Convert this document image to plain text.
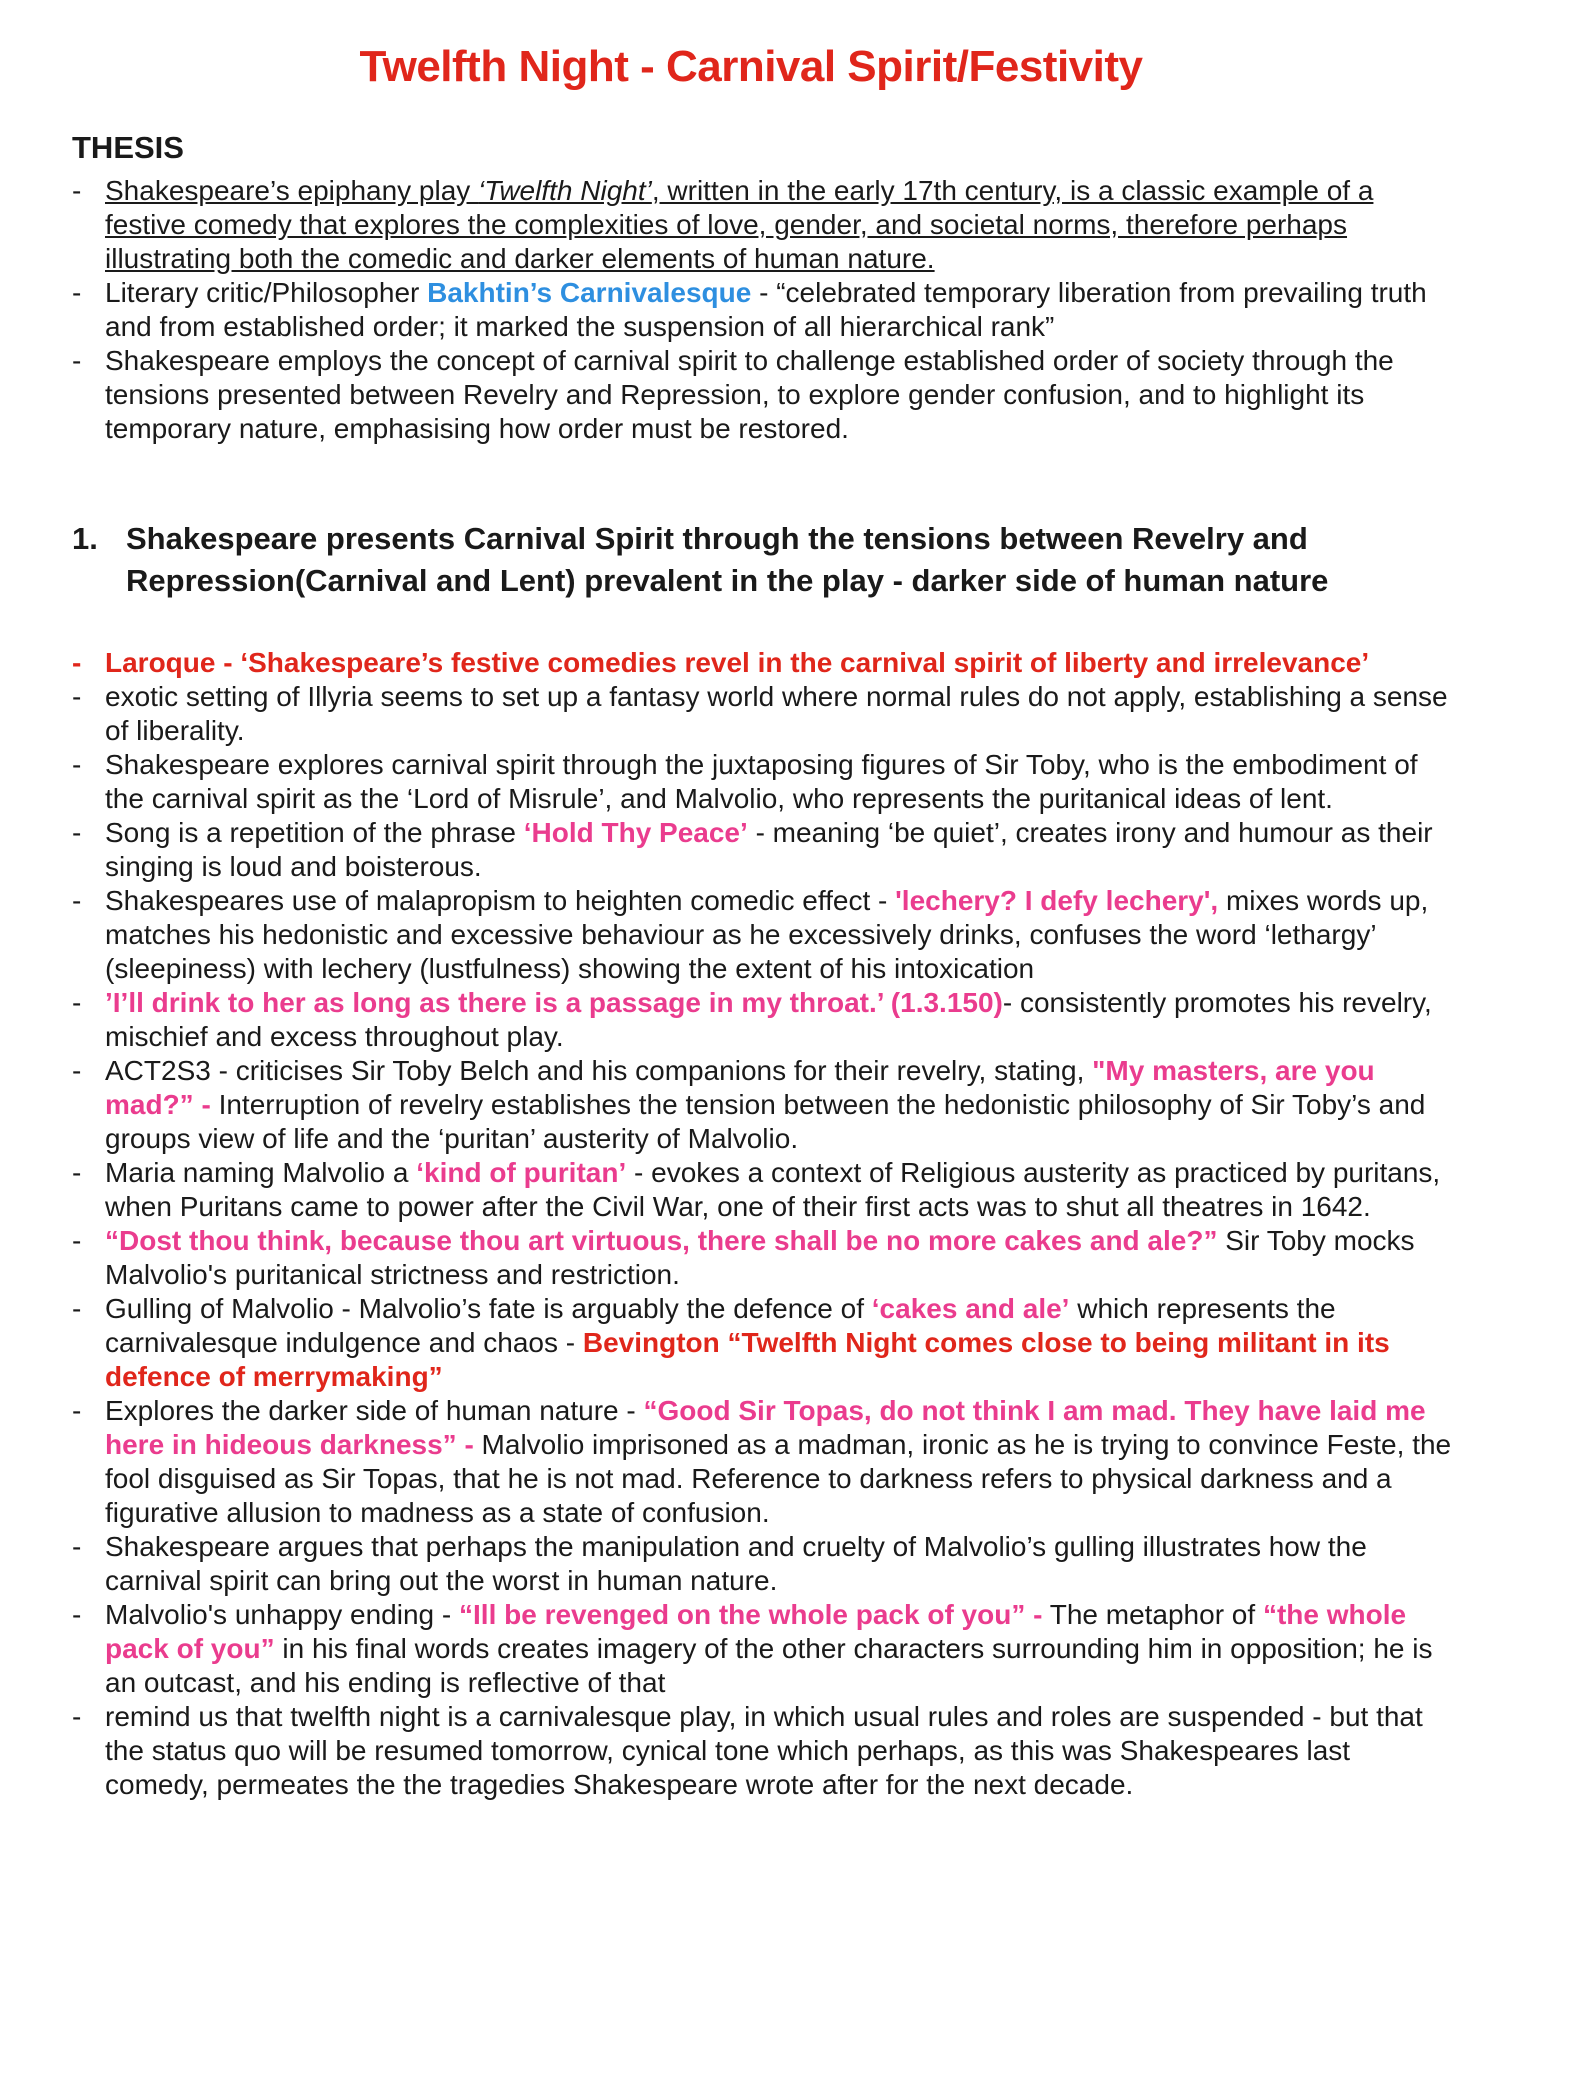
Twelfth Night - Carnival Spirit/Festivity
THESIS
- Shakespeare’s epiphany play ‘Twelfth Night’, written in the early 17th century, is a classic example of a festive comedy that explores the complexities of love, gender, and societal norms, therefore perhaps illustrating both the comedic and darker elements of human nature.
- Literary critic/Philosopher Bakhtin’s Carnivalesque - “celebrated temporary liberation from prevailing truth and from established order; it marked the suspension of all hierarchical rank”
- Shakespeare employs the concept of carnival spirit to challenge established order of society through the tensions presented between Revelry and Repression, to explore gender confusion, and to highlight its temporary nature, emphasising how order must be restored.
1. Shakespeare presents Carnival Spirit through the tensions between Revelry and Repression(Carnival and Lent) prevalent in the play - darker side of human nature
- Laroque - ‘Shakespeare’s festive comedies revel in the carnival spirit of liberty and irrelevance’
- exotic setting of Illyria seems to set up a fantasy world where normal rules do not apply, establishing a sense of liberality.
- Shakespeare explores carnival spirit through the juxtaposing figures of Sir Toby, who is the embodiment of the carnival spirit as the ‘Lord of Misrule’, and Malvolio, who represents the puritanical ideas of lent.
- Song is a repetition of the phrase ‘Hold Thy Peace’ - meaning ‘be quiet’, creates irony and humour as their singing is loud and boisterous.
- Shakespeares use of malapropism to heighten comedic effect - 'lechery? I defy lechery', mixes words up, matches his hedonistic and excessive behaviour as he excessively drinks, confuses the word ‘lethargy’ (sleepiness) with lechery (lustfulness) showing the extent of his intoxication
- ’I’ll drink to her as long as there is a passage in my throat.’ (1.3.150)- consistently promotes his revelry, mischief and excess throughout play.
- ACT2S3 - criticises Sir Toby Belch and his companions for their revelry, stating, "My masters, are you mad?” - Interruption of revelry establishes the tension between the hedonistic philosophy of Sir Toby’s and groups view of life and the ‘puritan’ austerity of Malvolio.
- Maria naming Malvolio a ‘kind of puritan’ - evokes a context of Religious austerity as practiced by puritans, when Puritans came to power after the Civil War, one of their first acts was to shut all theatres in 1642.
- “Dost thou think, because thou art virtuous, there shall be no more cakes and ale?” Sir Toby mocks Malvolio's puritanical strictness and restriction.
- Gulling of Malvolio - Malvolio’s fate is arguably the defence of ‘cakes and ale’ which represents the carnivalesque indulgence and chaos - Bevington “Twelfth Night comes close to being militant in its defence of merrymaking”
- Explores the darker side of human nature - “Good Sir Topas, do not think I am mad. They have laid me here in hideous darkness” - Malvolio imprisoned as a madman, ironic as he is trying to convince Feste, the fool disguised as Sir Topas, that he is not mad. Reference to darkness refers to physical darkness and a figurative allusion to madness as a state of confusion.
- Shakespeare argues that perhaps the manipulation and cruelty of Malvolio’s gulling illustrates how the carnival spirit can bring out the worst in human nature.
- Malvolio's unhappy ending - “Ill be revenged on the whole pack of you” - The metaphor of “the whole pack of you” in his final words creates imagery of the other characters surrounding him in opposition; he is an outcast, and his ending is reflective of that
- remind us that twelfth night is a carnivalesque play, in which usual rules and roles are suspended - but that the status quo will be resumed tomorrow, cynical tone which perhaps, as this was Shakespeares last comedy, permeates the the tragedies Shakespeare wrote after for the next decade.
